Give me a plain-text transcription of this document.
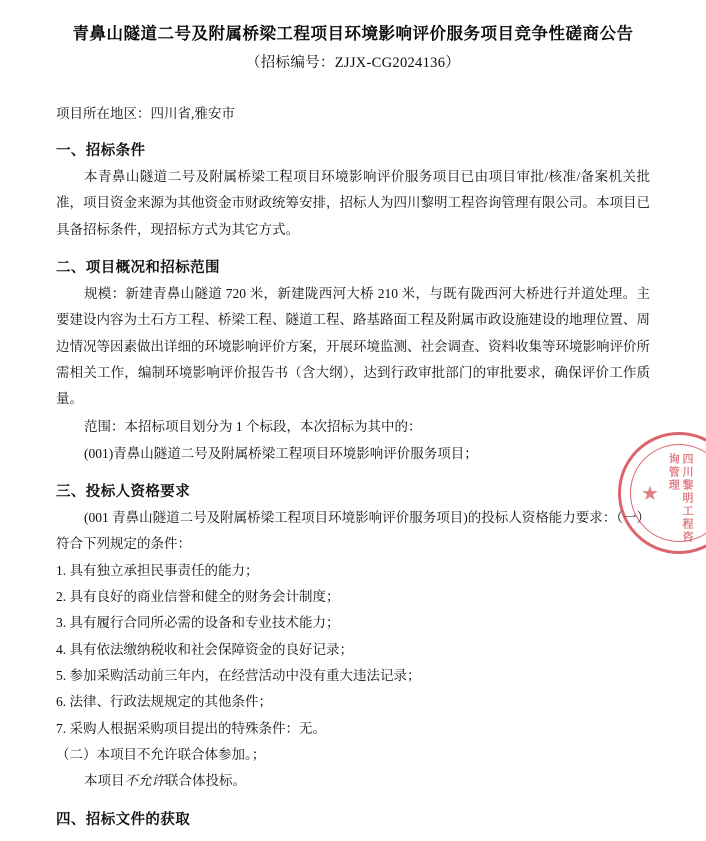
青鼻山隧道二号及附属桥梁工程项目环境影响评价服务项目竞争性磋商公告
（招标编号：ZJJX-CG2024136）
项目所在地区：四川省,雅安市
一、招标条件

本青鼻山隧道二号及附属桥梁工程项目环境影响评价服务项目已由项目审批/核准/备案机关批准，项目资金来源为其他资金市财政统筹安排，招标人为四川黎明工程咨询管理有限公司。本项目已具备招标条件，现招标方式为其它方式。

二、项目概况和招标范围

规模：新建青鼻山隧道 720 米，新建陇西河大桥 210 米，与既有陇西河大桥进行并道处理。主要建设内容为土石方工程、桥梁工程、隧道工程、路基路面工程及附属市政设施建设的地理位置、周边情况等因素做出详细的环境影响评价方案，开展环境监测、社会调查、资料收集等环境影响评价所需相关工作，编制环境影响评价报告书（含大纲），达到行政审批部门的审批要求，确保评价工作质量。

范围：本招标项目划分为 1 个标段，本次招标为其中的：

(001)青鼻山隧道二号及附属桥梁工程项目环境影响评价服务项目；

三、投标人资格要求

(001 青鼻山隧道二号及附属桥梁工程项目环境影响评价服务项目)的投标人资格能力要求：（一）符合下列规定的条件：

1. 具有独立承担民事责任的能力；

2. 具有良好的商业信誉和健全的财务会计制度；

3. 具有履行合同所必需的设备和专业技术能力；

4. 具有依法缴纳税收和社会保障资金的良好记录；

5. 参加采购活动前三年内，在经营活动中没有重大违法记录；

6. 法律、行政法规规定的其他条件；

7. 采购人根据采购项目提出的特殊条件：无。

（二）本项目不允许联合体参加。；

本项目不允许联合体投标。

四、招标文件的获取
四川黎明工程咨询管理
★
